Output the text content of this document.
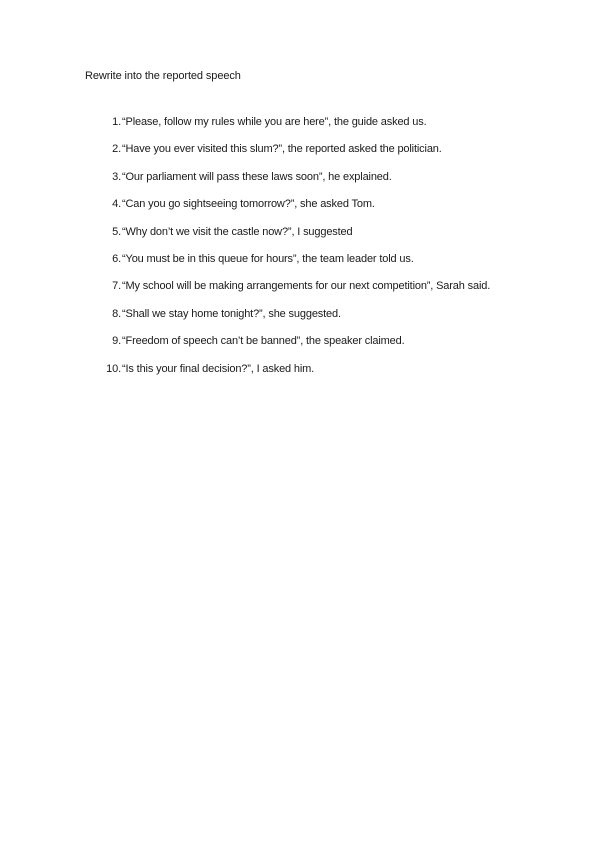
Rewrite into the reported speech
1. “Please, follow my rules while you are here”, the guide asked us.
2. “Have you ever visited this slum?”, the reported asked the politician.
3. “Our parliament will pass these laws soon”, he explained.
4. “Can you go sightseeing tomorrow?”, she asked Tom.
5. “Why don’t we visit the castle now?”, I suggested
6. “You must be in this queue for hours”, the team leader told us.
7. “My school will be making arrangements for our next competition”, Sarah said.
8. “Shall we stay home tonight?”, she suggested.
9. “Freedom of speech can’t be banned”, the speaker claimed.
10. “Is this your final decision?”, I asked him.
